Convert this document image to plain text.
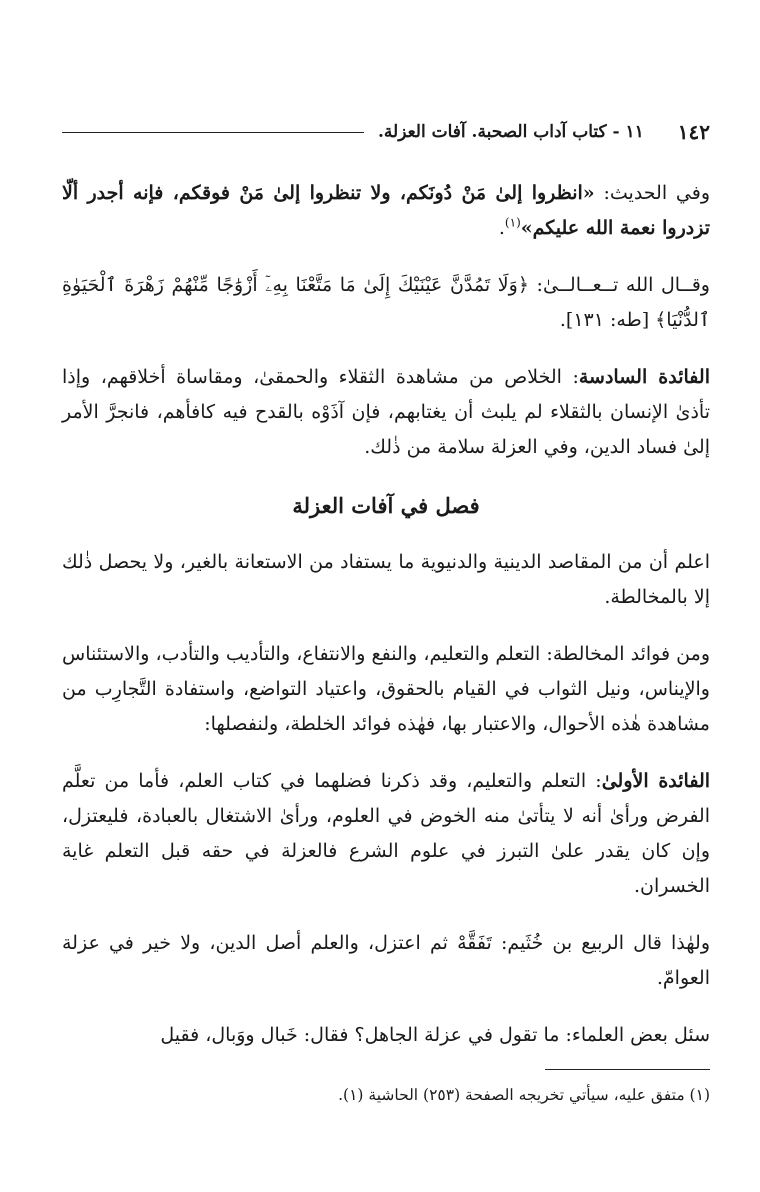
١٤٢
١١ - كتاب آداب الصحبة. آفات العزلة.

وفي الحديث: «انظروا إلىٰ مَنْ دُونَكم، ولا تنظروا إلىٰ مَنْ فوقكم، فإنه أجدر ألّا تزدروا نعمة الله عليكم»$^{(١)}$.

وقــال الله تــعــالــىٰ: ﴿وَلَا تَمُدَّنَّ عَيْنَيْكَ إِلَىٰ مَا مَتَّعْنَا بِهِۦٓ أَزْوَٰجًا مِّنْهُمْ زَهْرَةَ ٱلْحَيَوٰةِ ٱلدُّنْيَا﴾ [طه: ١٣١].

الفائدة السادسة: الخلاص من مشاهدة الثقلاء والحمقىٰ، ومقاساة أخلاقهم، وإذا تأذىٰ الإنسان بالثقلاء لم يلبث أن يغتابهم، فإن آذَوْه بالقدح فيه كافأهم، فانجرَّ الأمر إلىٰ فساد الدين، وفي العزلة سلامة من ذٰلك.

فصل في آفات العزلة

اعلم أن من المقاصد الدينية والدنيوية ما يستفاد من الاستعانة بالغير، ولا يحصل ذٰلك إلا بالمخالطة.

ومن فوائد المخالطة: التعلم والتعليم، والنفع والانتفاع، والتأديب والتأدب، والاستئناس والإيناس، ونيل الثواب في القيام بالحقوق، واعتياد التواضع، واستفادة التَّجارِب من مشاهدة هٰذه الأحوال، والاعتبار بها، فهٰذه فوائد الخلطة، ولنفصلها:

الفائدة الأولىٰ: التعلم والتعليم، وقد ذكرنا فضلهما في كتاب العلم، فأما من تعلَّم الفرض ورأىٰ أنه لا يتأتىٰ منه الخوض في العلوم، ورأىٰ الاشتغال بالعبادة، فليعتزل، وإن كان يقدر علىٰ التبرز في علوم الشرع فالعزلة في حقه قبل التعلم غاية الخسران.

ولهٰذا قال الربيع بن خُثَيم: تَفَقَّهْ ثم اعتزل، والعلم أصل الدين، ولا خير في عزلة العوامّ.

سئل بعض العلماء: ما تقول في عزلة الجاهل؟ فقال: خَبال ووَبال، فقيل

(١) متفق عليه، سيأتي تخريجه الصفحة (٢٥٣) الحاشية (١).
